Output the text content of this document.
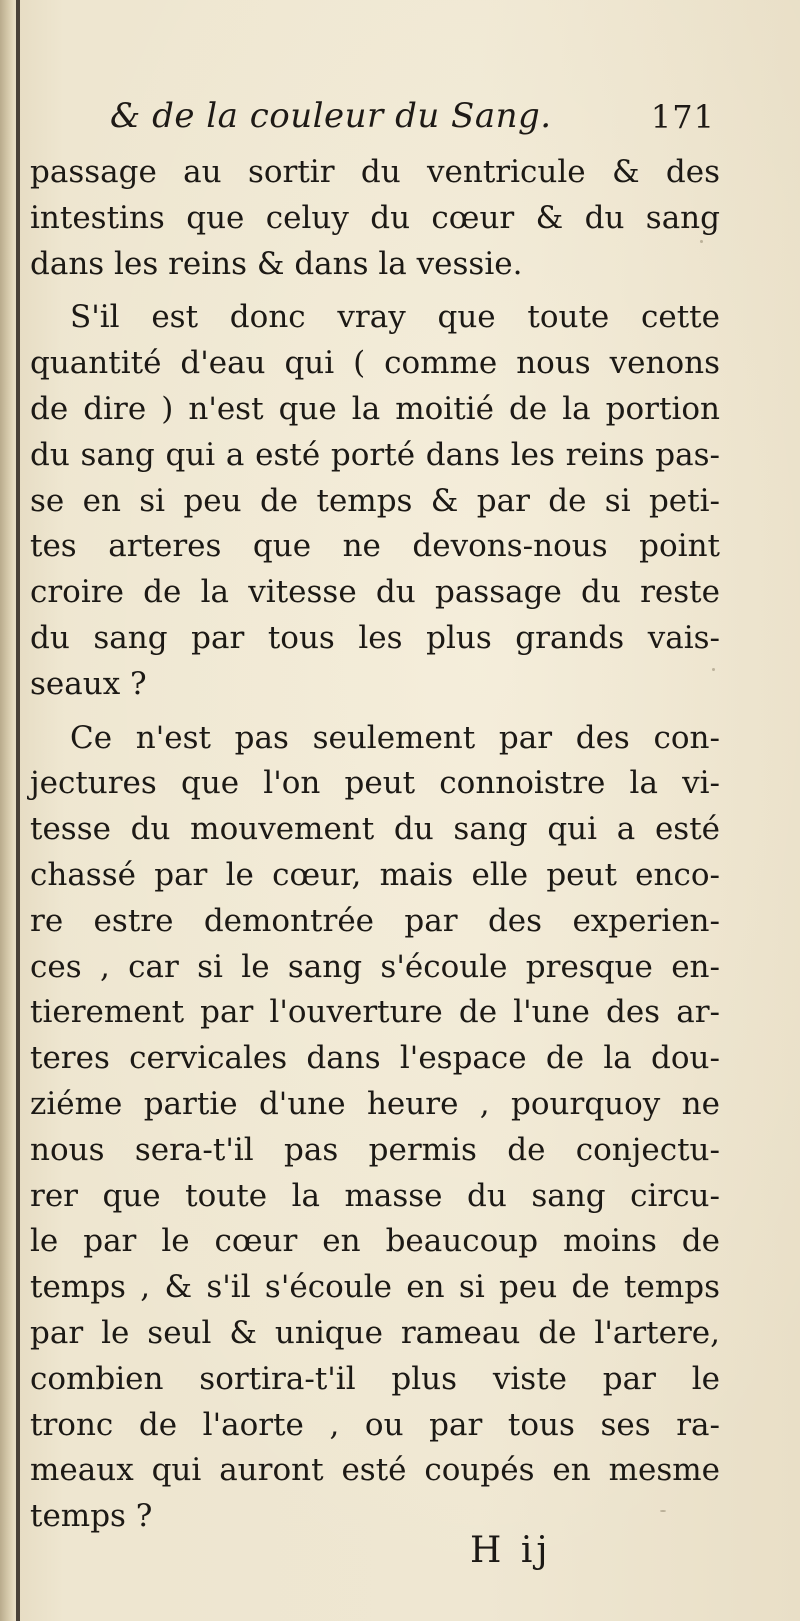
& de la couleur du Sang.	171

passage au sortir du ventricule & des
intestins que celuy du cœur & du sang
dans les reins & dans la vessie.

S'il est donc vray que toute cette
quantité d'eau qui ( comme nous venons
de dire ) n'est que la moitié de la portion
du sang qui a esté porté dans les reins pas-
se en si peu de temps & par de si peti-
tes arteres que ne devons-nous point
croire de la vitesse du passage du reste
du sang par tous les plus grands vais-
seaux ?

Ce n'est pas seulement par des con-
jectures que l'on peut connoistre la vi-
tesse du mouvement du sang qui a esté
chassé par le cœur, mais elle peut enco-
re estre demontrée par des experien-
ces , car si le sang s'écoule presque en-
tierement par l'ouverture de l'une des ar-
teres cervicales dans l'espace de la dou-
ziéme partie d'une heure , pourquoy ne
nous sera-t'il pas permis de conjectu-
rer que toute la masse du sang circu-
le par le cœur en beaucoup moins de
temps , & s'il s'écoule en si peu de temps
par le seul & unique rameau de l'artere,
combien sortira-t'il plus viste par le
tronc de l'aorte , ou par tous ses ra-
meaux qui auront esté coupés en mesme
temps ?

H ij
